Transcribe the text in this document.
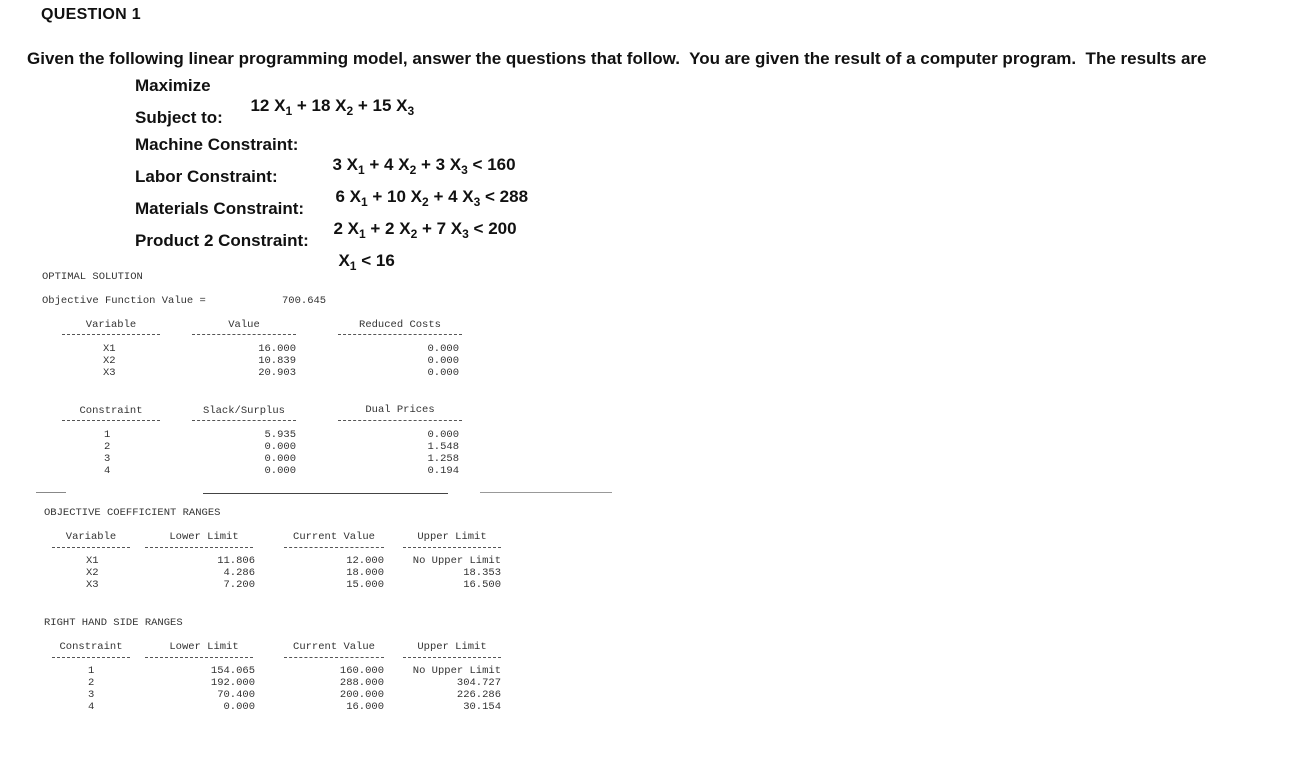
QUESTION 1
Given the following linear programming model, answer the questions that follow.  You are given the result of a computer program.  The results are
Maximize

12 $X_1 + 18$ $X_2 + 15$ $X_3$

Subject to:
Machine Constraint:

3 $X_1 + 4$ $X_2 + 3$ $X_3 < 160$

Labor Constraint:

6 $X_1 + 10$ $X_2 + 4$ $X_3 < 288$

Materials Constraint:

2 $X_1 + 2$ $X_2 + 7$ $X_3 < 200$

Product 2 Constraint:

$X_1 < 16$

OPTIMAL SOLUTION
Objective Function Value =	700.645
Variable	Value	Reduced Costs
X1	16.000	0.000
X2	10.839	0.000
X3	20.903	0.000
Constraint	Slack/Surplus	Dual Prices
1	5.935	0.000
2	0.000	1.548
3	0.000	1.258
4	0.000	0.194
OBJECTIVE COEFFICIENT RANGES
Variable	Lower Limit	Current Value	Upper Limit
X1	11.806	12.000	No Upper Limit
X2	4.286	18.000	18.353
X3	7.200	15.000	16.500
RIGHT HAND SIDE RANGES
Constraint	Lower Limit	Current Value	Upper Limit
1	154.065	160.000	No Upper Limit
2	192.000	288.000	304.727
3	70.400	200.000	226.286
4	0.000	16.000	30.154
